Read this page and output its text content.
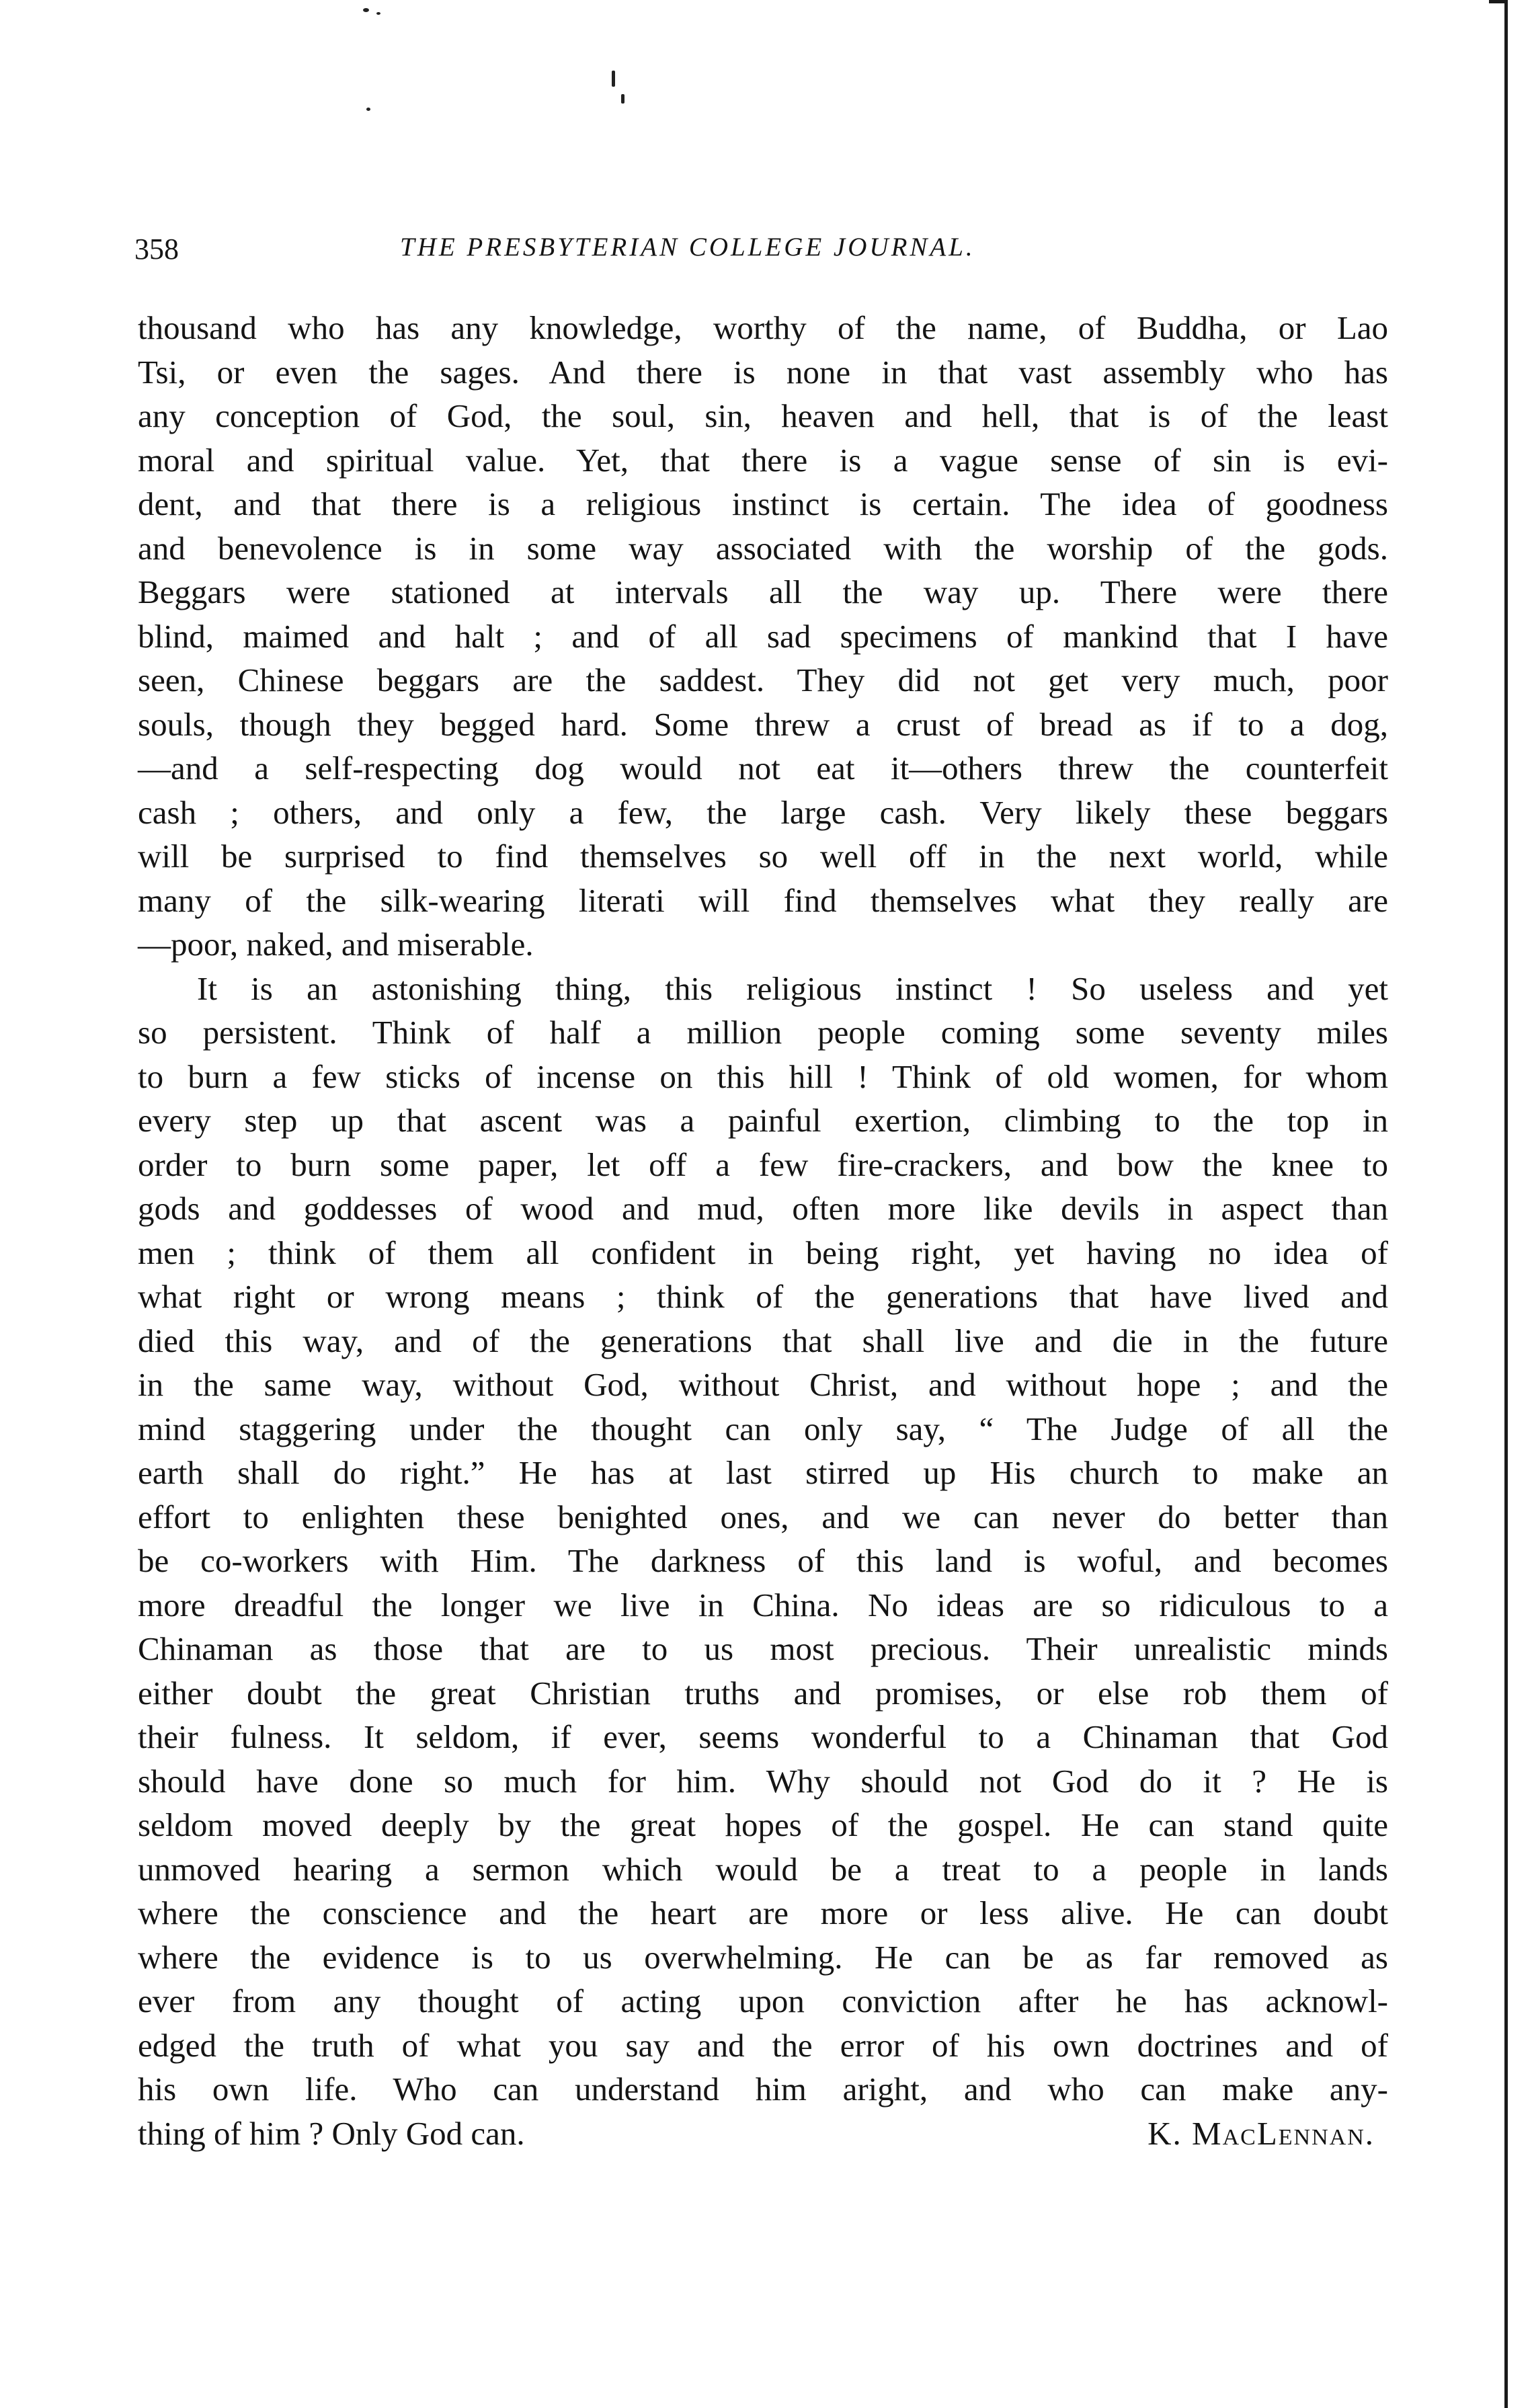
358	THE PRESBYTERIAN COLLEGE JOURNAL.
thousand who has any knowledge, worthy of the name, of Buddha, or Lao
Tsi, or even the sages. And there is none in that vast assembly who has
any conception of God, the soul, sin, heaven and hell, that is of the least
moral and spiritual value. Yet, that there is a vague sense of sin is evi-
dent, and that there is a religious instinct is certain. The idea of goodness
and benevolence is in some way associated with the worship of the gods.
Beggars were stationed at intervals all the way up. There were there
blind, maimed and halt ; and of all sad specimens of mankind that I have
seen, Chinese beggars are the saddest. They did not get very much, poor
souls, though they begged hard. Some threw a crust of bread as if to a dog,
—and a self-respecting dog would not eat it—others threw the counterfeit
cash ; others, and only a few, the large cash. Very likely these beggars
will be surprised to find themselves so well off in the next world, while
many of the silk-wearing literati will find themselves what they really are
—poor, naked, and miserable.
It is an astonishing thing, this religious instinct ! So useless and yet
so persistent. Think of half a million people coming some seventy miles
to burn a few sticks of incense on this hill ! Think of old women, for whom
every step up that ascent was a painful exertion, climbing to the top in
order to burn some paper, let off a few fire-crackers, and bow the knee to
gods and goddesses of wood and mud, often more like devils in aspect than
men ; think of them all confident in being right, yet having no idea of
what right or wrong means ; think of the generations that have lived and
died this way, and of the generations that shall live and die in the future
in the same way, without God, without Christ, and without hope ; and the
mind staggering under the thought can only say, “ The Judge of all the
earth shall do right.” He has at last stirred up His church to make an
effort to enlighten these benighted ones, and we can never do better than
be co-workers with Him. The darkness of this land is woful, and becomes
more dreadful the longer we live in China. No ideas are so ridiculous to a
Chinaman as those that are to us most precious. Their unrealistic minds
either doubt the great Christian truths and promises, or else rob them of
their fulness. It seldom, if ever, seems wonderful to a Chinaman that God
should have done so much for him. Why should not God do it ? He is
seldom moved deeply by the great hopes of the gospel. He can stand quite
unmoved hearing a sermon which would be a treat to a people in lands
where the conscience and the heart are more or less alive. He can doubt
where the evidence is to us overwhelming. He can be as far removed as
ever from any thought of acting upon conviction after he has acknowl-
edged the truth of what you say and the error of his own doctrines and of
his own life. Who can understand him aright, and who can make any-
thing of him ? Only God can.	K. MacLennan.
